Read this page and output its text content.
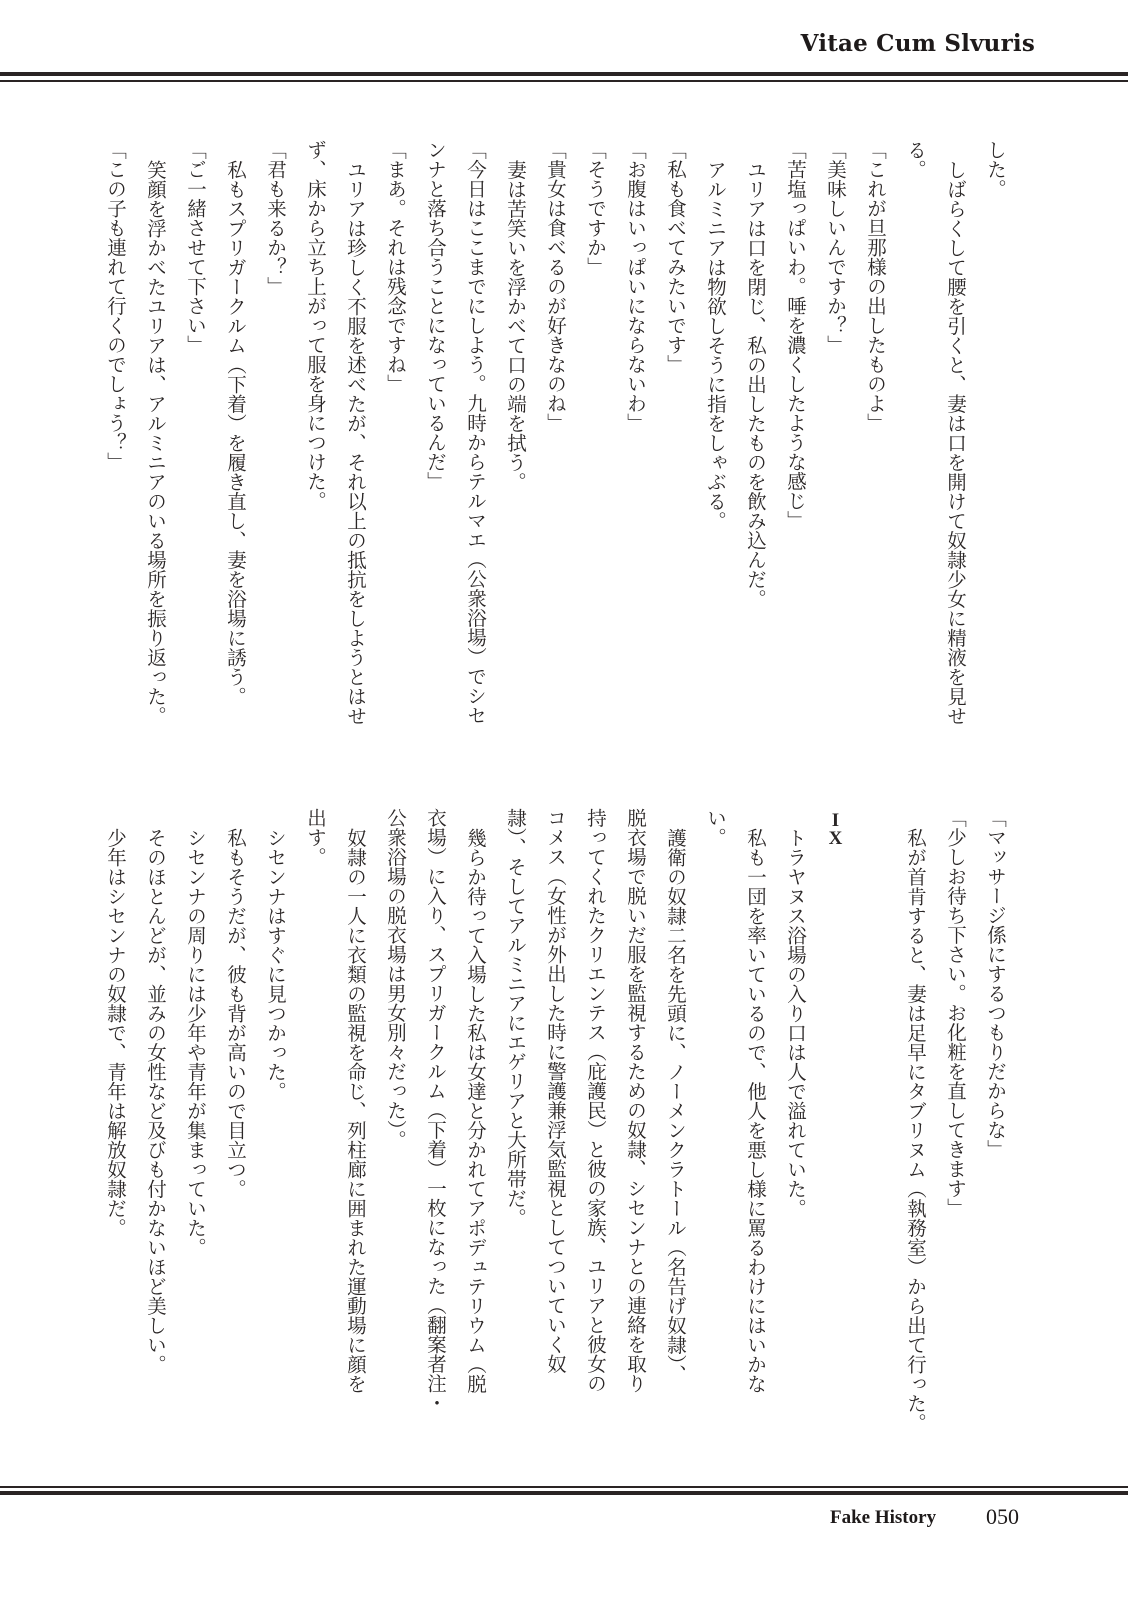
Vitae Cum Slvuris
した。
しばらくして腰を引くと、妻は口を開けて奴隷少女に精液を見せ
る。
「これが旦那様の出したものよ」
「美味しいんですか？」
「苦塩っぱいわ。唾を濃くしたような感じ」
ユリアは口を閉じ、私の出したものを飲み込んだ。
アルミニアは物欲しそうに指をしゃぶる。
「私も食べてみたいです」
「お腹はいっぱいにならないわ」
「そうですか」
「貴女は食べるのが好きなのね」
妻は苦笑いを浮かべて口の端を拭う。
「今日はここまでにしよう。九時からテルマエ（公衆浴場）でシセ
ンナと落ち合うことになっているんだ」
「まあ。それは残念ですね」
ユリアは珍しく不服を述べたが、それ以上の抵抗をしようとはせ
ず、床から立ち上がって服を身につけた。
「君も来るか？」
私もスプリガークルム（下着）を履き直し、妻を浴場に誘う。
「ご一緒させて下さい」
笑顔を浮かべたユリアは、アルミニアのいる場所を振り返った。
「この子も連れて行くのでしょう？」
「マッサージ係にするつもりだからな」
「少しお待ち下さい。お化粧を直してきます」
私が首肯すると、妻は足早にタブリヌム（執務室）から出て行った。

IX
トラヤヌス浴場の入り口は人で溢れていた。
私も一団を率いているので、他人を悪し様に罵るわけにはいかな
い。
護衛の奴隷二名を先頭に、ノーメンクラトール（名告げ奴隷）、
脱衣場で脱いだ服を監視するための奴隷、シセンナとの連絡を取り
持ってくれたクリエンテス（庇護民）と彼の家族、ユリアと彼女の
コメス（女性が外出した時に警護兼浮気監視としてついていく奴
隷）、そしてアルミニアにエゲリアと大所帯だ。
幾らか待って入場した私は女達と分かれてアポデュテリウム（脱
衣場）に入り、スプリガークルム（下着）一枚になった（翻案者注・
公衆浴場の脱衣場は男女別々だった）。
奴隷の一人に衣類の監視を命じ、列柱廊に囲まれた運動場に顔を
出す。
シセンナはすぐに見つかった。
私もそうだが、彼も背が高いので目立つ。
シセンナの周りには少年や青年が集まっていた。
そのほとんどが、並みの女性など及びも付かないほど美しい。
少年はシセンナの奴隷で、青年は解放奴隷だ。
Fake History 050
